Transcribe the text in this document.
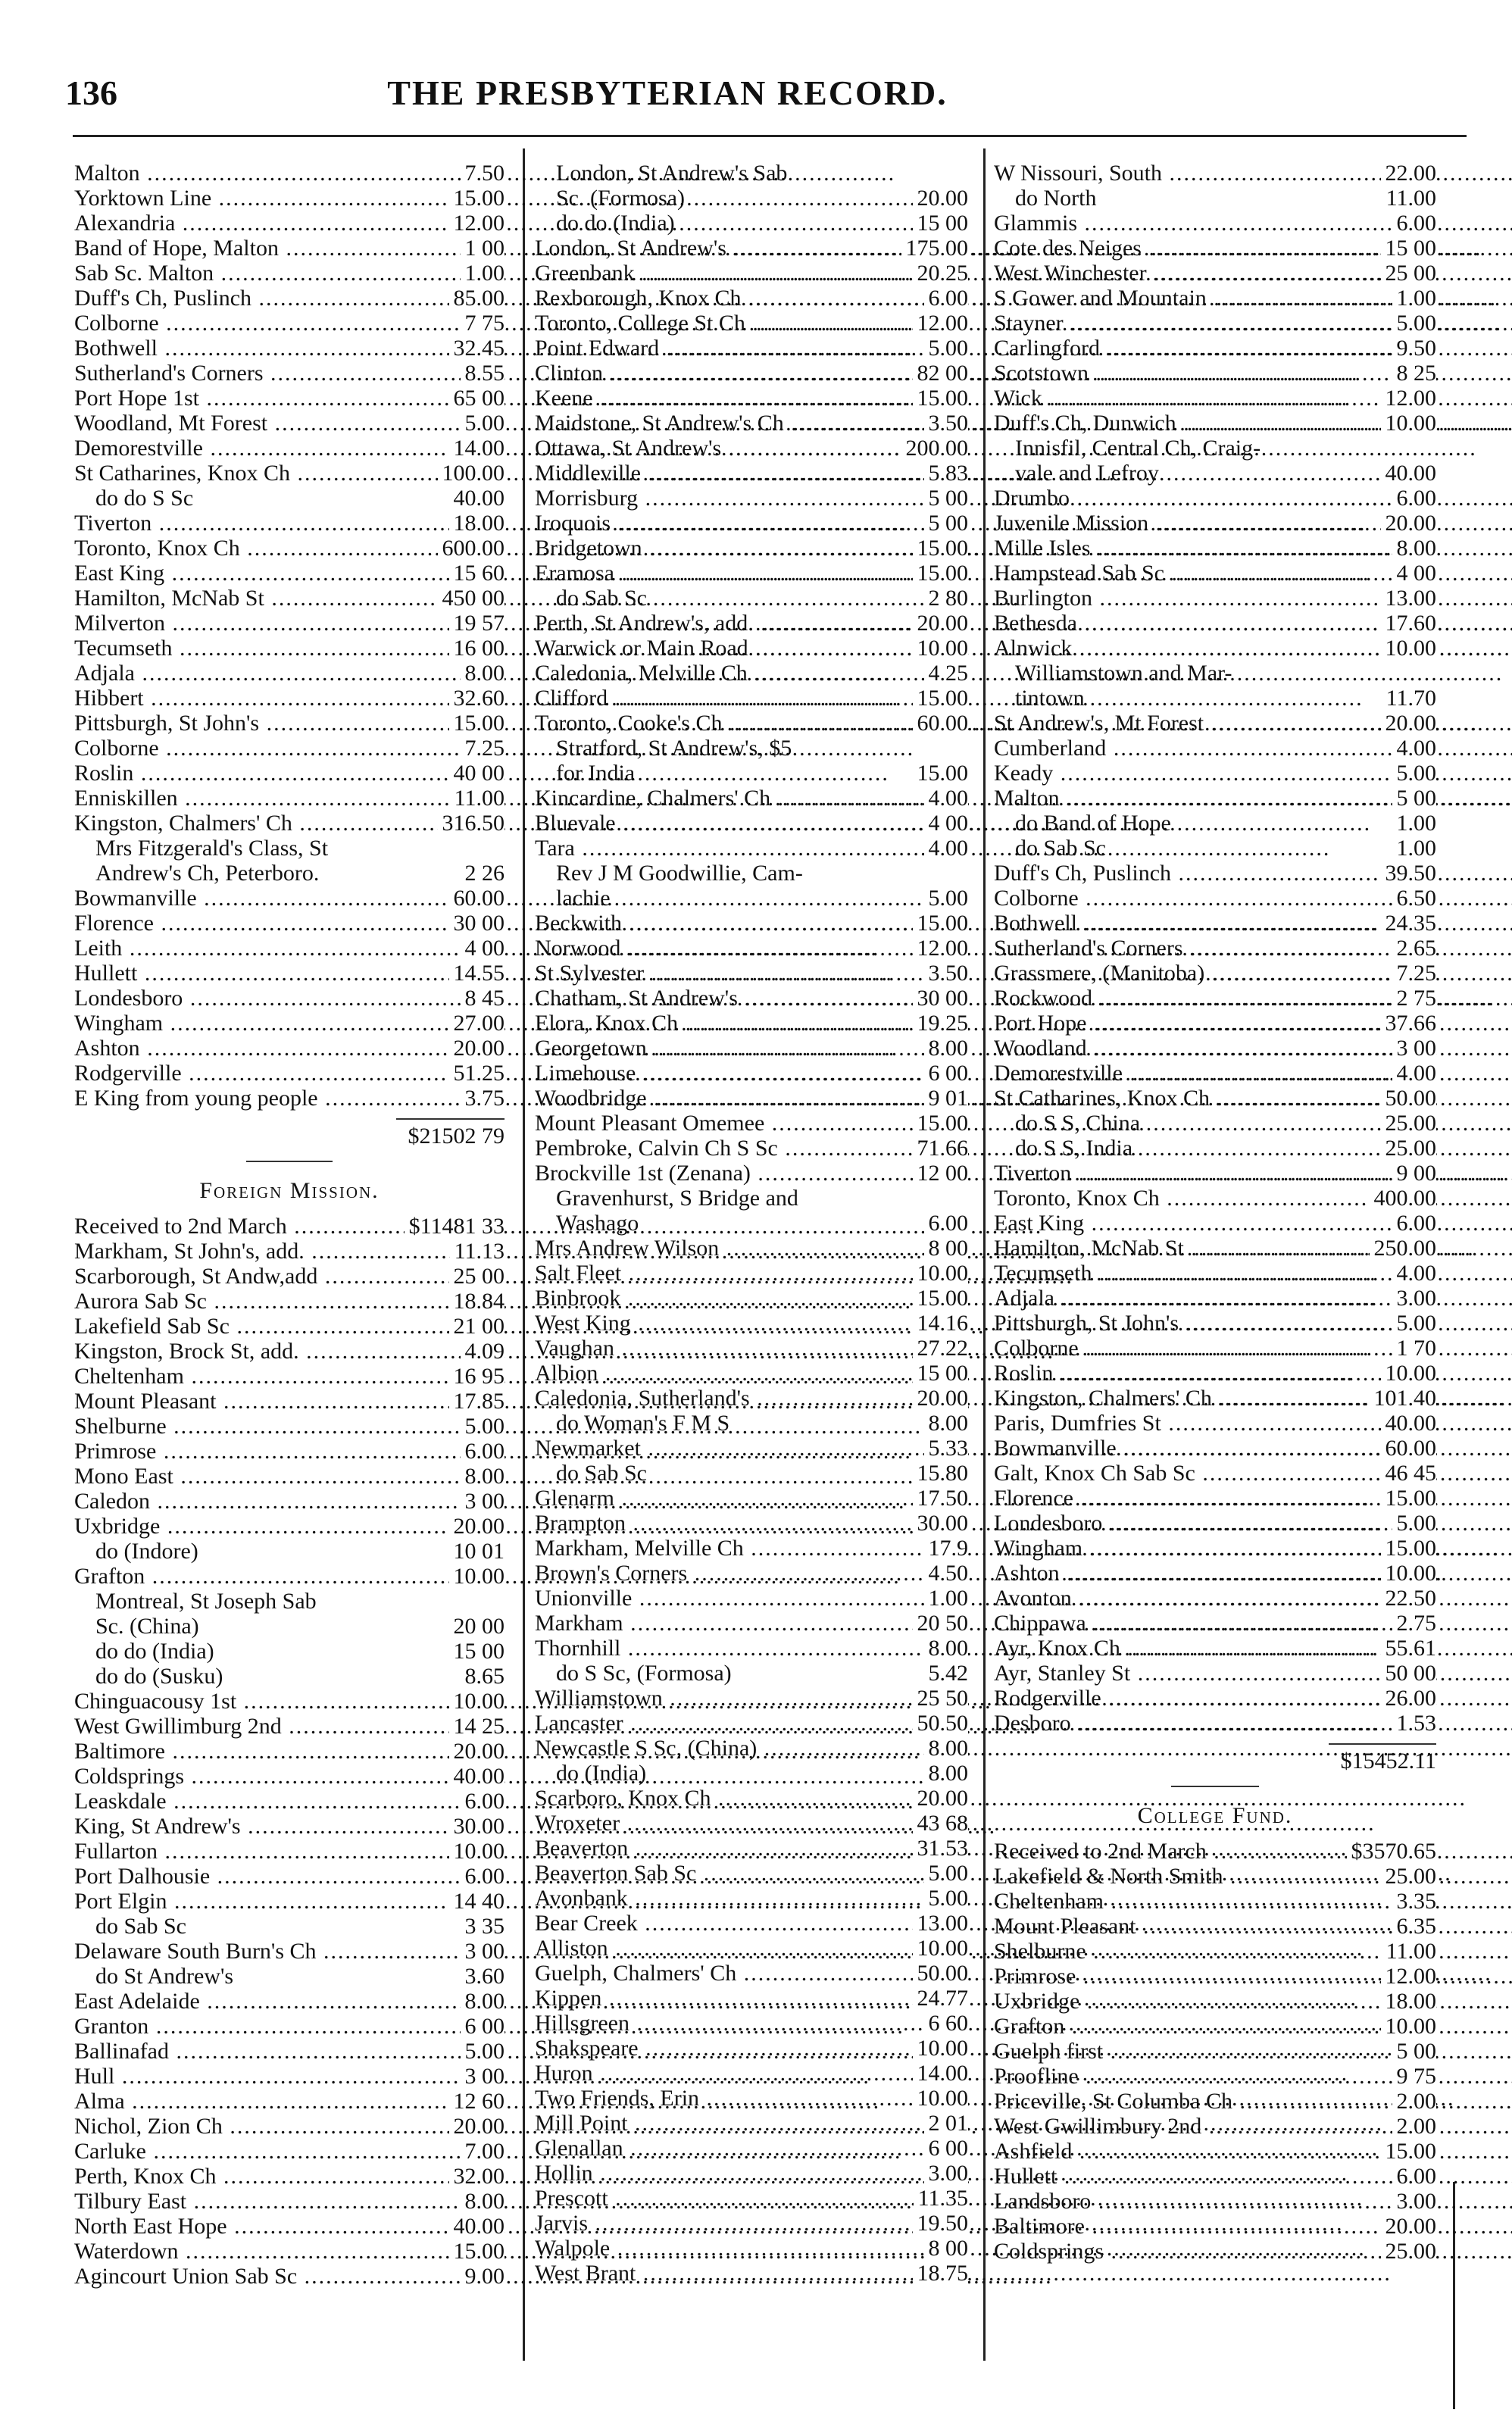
136	THE PRESBYTERIAN RECORD.
Malton .....	7.50
Yorktown Line .....	15.00
Alexandria .....	12.00
Band of Hope, Malton .....	1 00
Sab Sc. Malton .....	1.00
Duff's Ch, Puslinch .....	85.00
Colborne .....	7 75
Bothwell .....	32.45
Sutherland's Corners .....	8.55
Port Hope 1st .....	65 00
Woodland, Mt Forest .....	5.00
Demorestville .....	14.00
St Catharines, Knox Ch .....	100.00
do do S Sc	40.00
Tiverton .....	18.00
Toronto, Knox Ch .....	600.00
East King .....	15 60
Hamilton, McNab St .....	450 00
Milverton .....	19 57
Tecumseth .....	16 00
Adjala .....	8.00
Hibbert .....	32.60
Pittsburgh, St John's .....	15.00
Colborne .....	7.25
Roslin .....	40 00
Enniskillen .....	11.00
Kingston, Chalmers' Ch .....	316.50
Mrs Fitzgerald's Class, St
Andrew's Ch, Peterboro.	2 26
Bowmanville .....	60.00
Florence .....	30 00
Leith .....	4 00
Hullett .....	14.55
Londesboro .....	8 45
Wingham .....	27.00
Ashton .....	20.00
Rodgerville .....	51.25
E King from young people .....	3.75
$21502 79
Foreign Mission.
Received to 2nd March .....	$11481 33
Markham, St John's, add. .....	11.13
Scarborough, St Andw,add .....	25 00
Aurora Sab Sc .....	18.84
Lakefield Sab Sc .....	21 00
Kingston, Brock St, add. .....	4.09
Cheltenham .....	16 95
Mount Pleasant .....	17.85
Shelburne .....	5.00
Primrose .....	6.00
Mono East .....	8.00
Caledon .....	3 00
Uxbridge .....	20.00
do (Indore)	10 01
Grafton .....	10.00
Montreal, St Joseph Sab
Sc. (China)	20 00
do do (India)	15 00
do do (Susku)	8.65
Chinguacousy 1st .....	10.00
West Gwillimburg 2nd .....	14 25
Baltimore .....	20.00
Coldsprings .....	40.00
Leaskdale .....	6.00
King, St Andrew's .....	30.00
Fullarton .....	10.00
Port Dalhousie .....	6.00
Port Elgin .....	14 40
do Sab Sc	3 35
Delaware South Burn's Ch .....	3 00
do St Andrew's	3.60
East Adelaide .....	8.00
Granton .....	6 00
Ballinafad .....	5.00
Hull .....	3 00
Alma .....	12 60
Nichol, Zion Ch .....	20.00
Carluke .....	7.00
Perth, Knox Ch .....	32.00
Tilbury East .....	8.00
North East Hope .....	40.00
Waterdown .....	15.00
Agincourt Union Sab Sc .....	9.00
London, St Andrew's Sab
Sc. (Formosa)	20.00
do do (India)	15 00
London, St Andrew's .....	175.00
Greenbank .....	20.25
Rexborough, Knox Ch .....	6.00
Toronto, College St Ch .....	12.00
Point Edward .....	5.00
Clinton .....	82 00
Keene .....	15.00
Maidstone, St Andrew's Ch .....	3.50
Ottawa, St Andrew's .....	200.00
Middleville .....	5.83
Morrisburg .....	5 00
Iroquois .....	5 00
Bridgetown .....	15.00
Eramosa .....	15.00
do Sab Sc	2 80
Perth, St Andrew's, add. .....	20.00
Warwick or Main Road .....	10.00
Caledonia, Melville Ch .....	4.25
Clifford .....	15.00
Toronto, Cooke's Ch .....	60.00
Stratford, St Andrew's, $5
for India	15.00
Kincardine, Chalmers' Ch .....	4.00
Bluevale .....	4 00
Tara .....	4.00
Rev J M Goodwillie, Cam-
lachie	5.00
Beckwith .....	15.00
Norwood .....	12.00
St Sylvester .....	3.50
Chatham, St Andrew's .....	30 00
Elora, Knox Ch .....	19.25
Georgetown .....	8.00
Limehouse .....	6 00
Woodbridge .....	9 01
Mount Pleasant Omemee .....	15.00
Pembroke, Calvin Ch S Sc .....	71.66
Brockville 1st (Zenana) .....	12 00
Gravenhurst, S Bridge and
Washago	6.00
Mrs Andrew Wilson .....	8 00
Salt Fleet .....	10.00
Binbrook .....	15.00
West King .....	14.16
Vaughan .....	27.22
Albion .....	15 00
Caledonia, Sutherland's .....	20.00
do Woman's F M S	8.00
Newmarket .....	5.33
do Sab Sc	15.80
Glenarm .....	17.50
Brampton .....	30.00
Markham, Melville Ch .....	17.9
Brown's Corners .....	4.50
Unionville .....	1.00
Markham .....	20 50
Thornhill .....	8.00
do S Sc, (Formosa)	5.42
Williamstown .....	25 50
Lancaster .....	50.50
Newcastle S Sc, (China) .....	8.00
do (India)	8.00
Scarboro, Knox Ch .....	20.00
Wroxeter .....	43 68
Beaverton .....	31.53
Beaverton Sab Sc .....	5.00
Avonbank .....	5.00
Bear Creek .....	13.00
Alliston .....	10.00
Guelph, Chalmers' Ch .....	50.00
Kippen .....	24.77
Hillsgreen .....	6 60
Shakspeare .....	10.00
Huron .....	14.00
Two Friends, Erin .....	10.00
Mill Point .....	2 01
Glenallan .....	6 00
Hollin .....	3.00
Prescott .....	11.35
Jarvis .....	19.50
Walpole .....	8 00
West Brant .....	18.75
W Nissouri, South .....	22.00
do North	11.00
Glammis .....	6.00
Cote des Neiges .....	15 00
West Winchester .....	25 00
S Gower and Mountain .....	1.00
Stayner .....	5.00
Carlingford .....	9.50
Scotstown .....	8 25
Wick .....	12.00
Duff's Ch, Dunwich .....	10.00
Innisfil, Central Ch, Craig-
vale and Lefroy	40.00
Drumbo .....	6.00
Juvenile Mission .....	20.00
Mille Isles .....	8.00
Hampstead Sab Sc .....	4 00
Burlington .....	13.00
Bethesda .....	17.60
Alnwick .....	10.00
Williamstown and Mar-
tintown	11.70
St Andrew's, Mt Forest .....	20.00
Cumberland .....	4.00
Keady .....	5.00
Malton .....	5 00
do Band of Hope	1.00
do Sab Sc	1.00
Duff's Ch, Puslinch .....	39.50
Colborne .....	6.50
Bothwell .....	24.35
Sutherland's Corners .....	2.65
Grassmere, (Manitoba) .....	7.25
Rockwood .....	2 75
Port Hope .....	37.66
Woodland .....	3 00
Demorestville .....	4.00
St Catharines, Knox Ch .....	50.00
do S S, China	25.00
do S S, India	25.00
Tiverton .....	9 00
Toronto, Knox Ch .....	400.00
East King .....	6.00
Hamilton, McNab St .....	250.00
Tecumseth .....	4.00
Adjala .....	3.00
Pittsburgh, St John's .....	5.00
Colborne .....	1 70
Roslin .....	10.00
Kingston, Chalmers' Ch .....	101.40
Paris, Dumfries St .....	40.00
Bowmanville .....	60.00
Galt, Knox Ch Sab Sc .....	46 45
Florence .....	15.00
Londesboro .....	5.00
Wingham .....	15.00
Ashton .....	10.00
Avonton .....	22.50
Chippawa .....	2.75
Ayr, Knox Ch .....	55.61
Ayr, Stanley St .....	50 00
Rodgerville .....	26.00
Desboro .....	1.53
$15452.11
College Fund.
Received to 2nd March .....	$3570.65
Lakefield & North Smith .....	25.00
Cheltenham .....	3.35
Mount Pleasant .....	6.35
Shelburne .....	11.00
Primrose .....	12.00
Uxbridge .....	18.00
Grafton .....	10.00
Guelph first .....	5 00
Proofline .....	9 75
Priceville, St Columba Ch .....	2.00
West Gwillimbury 2nd .....	2.00
Ashfield .....	15.00
Hullett .....	6.00
Landsboro .....	3.00
Baltimore .....	20.00
Coldsprings .....	25.00
